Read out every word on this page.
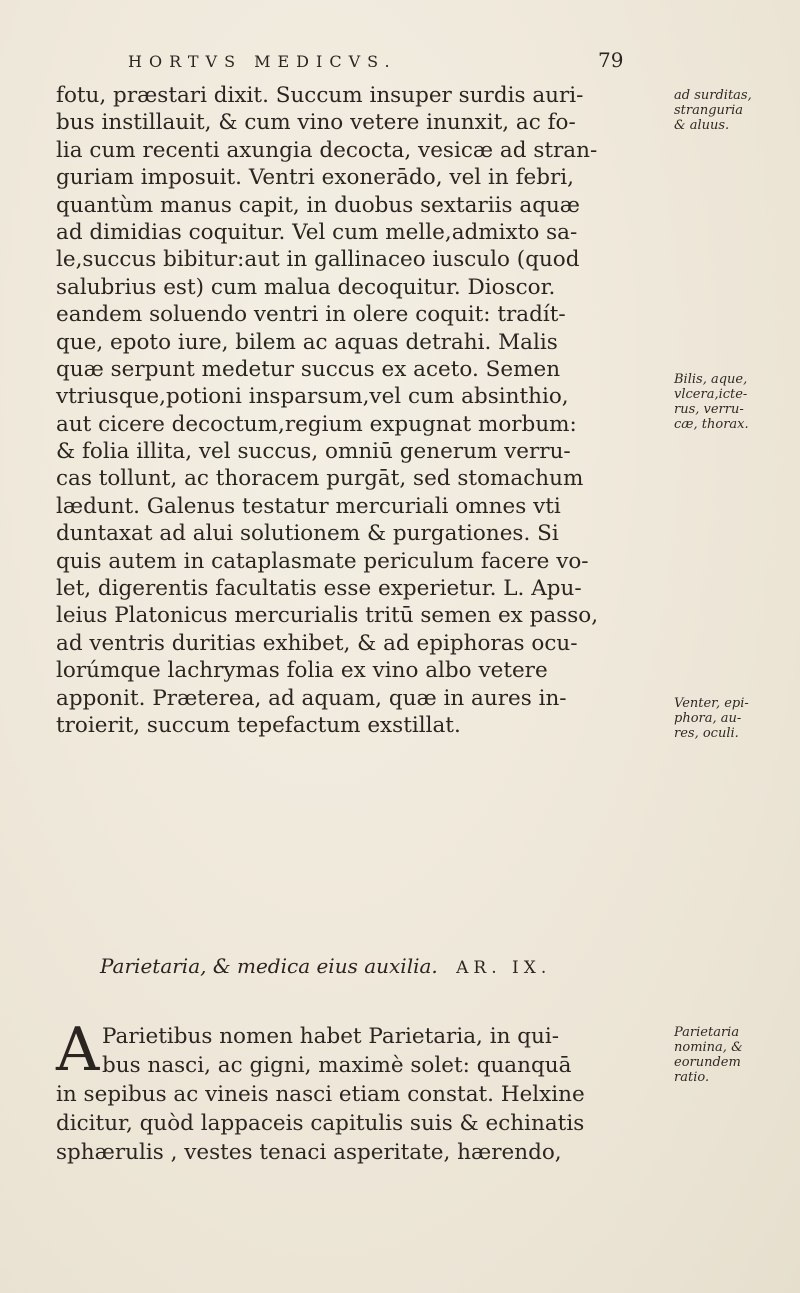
HORTVS MEDICVS.	79
fotu, præstari dixit. Succum insuper surdis auri-
bus instillauit, & cum vino vetere inunxit, ac fo-
lia cum recenti axungia decocta, vesicæ ad stran-
guriam imposuit. Ventri exonerādo, vel in febri,
quantùm manus capit, in duobus sextariis aquæ
ad dimidias coquitur. Vel cum melle,admixto sa-
le,succus bibitur:aut in gallinaceo iusculo (quod
salubrius est) cum malua decoquitur. Dioscor.
eandem soluendo ventri in olere coquit: tradít-
que, epoto iure, bilem ac aquas detrahi. Malis
quæ serpunt medetur succus ex aceto. Semen
vtriusque,potioni insparsum,vel cum absinthio,
aut cicere decoctum,regium expugnat morbum:
& folia illita, vel succus, omniū generum verru-
cas tollunt, ac thoracem purgāt, sed stomachum
lædunt. Galenus testatur mercuriali omnes vti
duntaxat ad alui solutionem & purgationes. Si
quis autem in cataplasmate periculum facere vo-
let, digerentis facultatis esse experietur. L. Apu-
leius Platonicus mercurialis tritū semen ex passo,
ad ventris duritias exhibet, & ad epiphoras ocu-
lorúmque lachrymas folia ex vino albo vetere
apponit. Præterea, ad aquam, quæ in aures in-
troierit, succum tepefactum exstillat.
ad surditas,
stranguria
& aluus.
Bilis, aque,
vlcera,icte-
rus, verru-
cæ, thorax.
Venter, epi-
phora, au-
res, oculi.
Parietaria
nomina, &
eorundem
ratio.
Parietaria, & medica eius auxilia. AR. IX.
A Parietibus nomen habet Parietaria, in qui-
bus nasci, ac gigni, maximè solet: quanquā
in sepibus ac vineis nasci etiam constat. Helxine
dicitur, quòd lappaceis capitulis suis & echinatis
sphærulis , vestes tenaci asperitate, hærendo,
